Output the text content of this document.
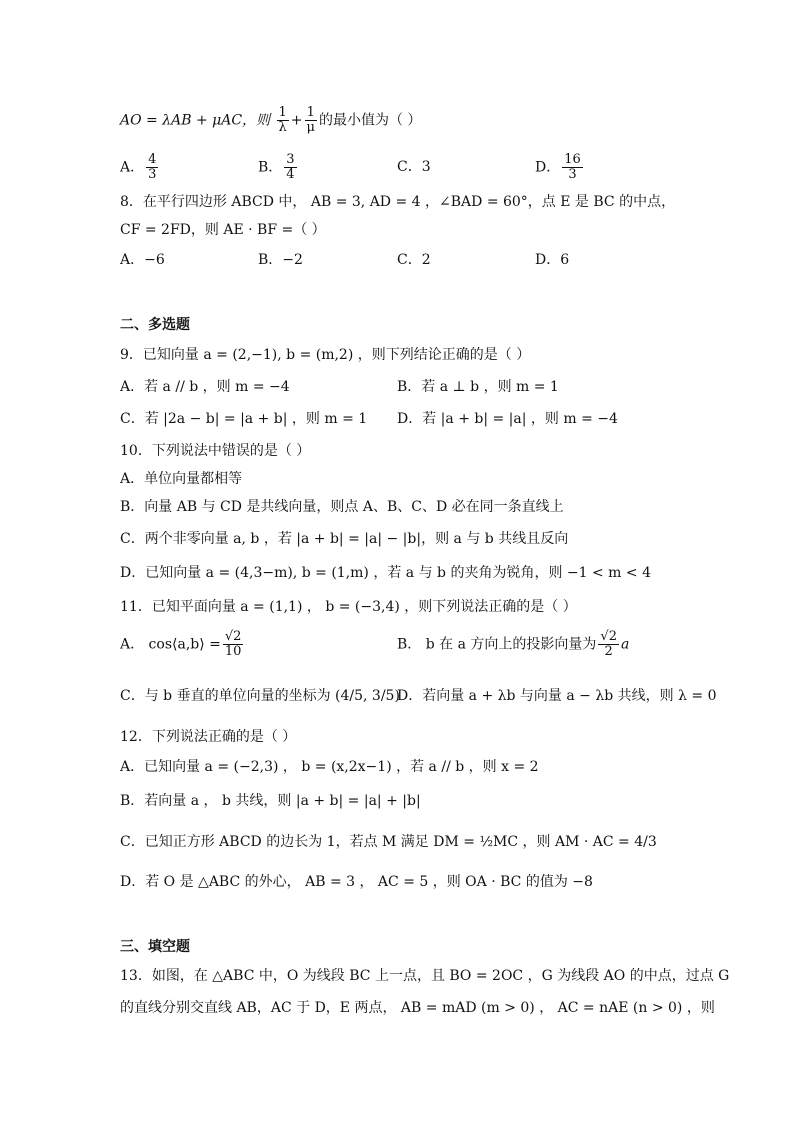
AO = λAB + μAC，则 $\frac{1}{\lambda} + \frac{1}{\mu}$ 的最小值为（ ）
A． $\frac{4}{3}$	B． $\frac{3}{4}$	C．3	D． $\frac{16}{3}$
8．在平行四边形 ABCD 中， AB = 3, AD = 4 ，∠BAD = 60°，点 E 是 BC 的中点，
CF = 2FD，则 AE · BF =（ ）
A．−6	B．−2	C．2	D．6
二、多选题
9．已知向量 a = (2,−1), b = (m,2) ，则下列结论正确的是（ ）
A．若 a // b ，则 m = −4	B．若 a ⊥ b ，则 m = 1
C．若 |2a − b| = |a + b| ，则 m = 1 D．若 |a + b| = |a| ，则 m = −4
10．下列说法中错误的是（ ）
A．单位向量都相等
B．向量 AB 与 CD 是共线向量，则点 A、B、C、D 必在同一条直线上
C．两个非零向量 a, b ，若 |a + b| = |a| − |b|，则 a 与 b 共线且反向
D．已知向量 a = (4,3−m), b = (1,m) ，若 a 与 b 的夹角为锐角，则 −1 < m < 4
11．已知平面向量 a = (1,1) ， b = (−3,4) ，则下列说法正确的是（ ）
A． cos⟨a,b⟩ = $\frac{√2}{10}$	B． b 在 a 方向上的投影向量为 $\frac{√2}{2}$ a
C．与 b 垂直的单位向量的坐标为 (4/5, 3/5)
D．若向量 a + λb 与向量 a − λb 共线，则 λ = 0
12．下列说法正确的是（ ）
A．已知向量 a = (−2,3) ， b = (x,2x−1) ，若 a // b ，则 x = 2
B．若向量 a ， b 共线，则 |a + b| = |a| + |b|
C．已知正方形 ABCD 的边长为 1，若点 M 满足 DM = ½MC ，则 AM · AC = 4/3
D．若 O 是 △ABC 的外心， AB = 3 ， AC = 5 ，则 OA · BC 的值为 −8
三、填空题
13．如图，在 △ABC 中，O 为线段 BC 上一点，且 BO = 2OC ，G 为线段 AO 的中点，过点 G
的直线分别交直线 AB，AC 于 D，E 两点， AB = mAD (m > 0) ， AC = nAE (n > 0) ，则
